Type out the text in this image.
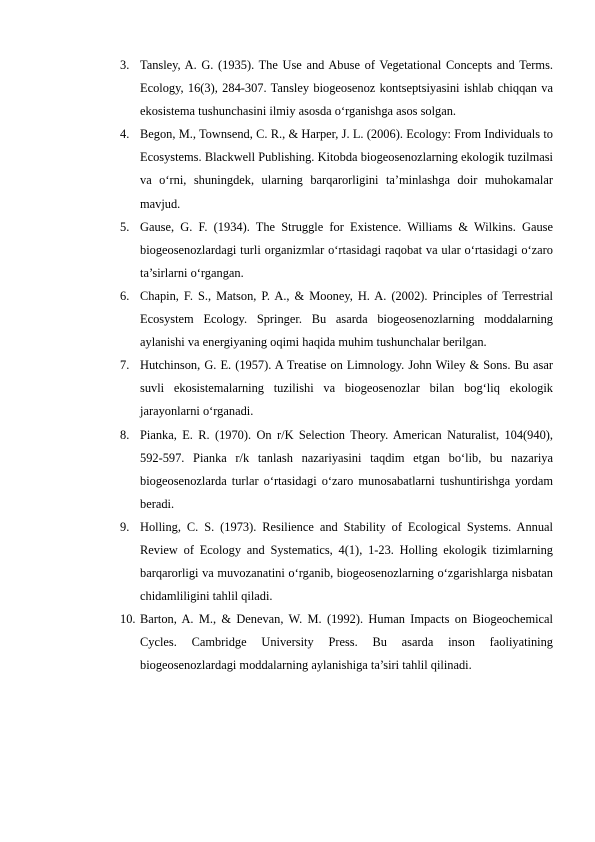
3. Tansley, A. G. (1935). The Use and Abuse of Vegetational Concepts and Terms. Ecology, 16(3), 284-307. Tansley biogeosenoz kontseptsiyasini ishlab chiqqan va ekosistema tushunchasini ilmiy asosda o‘rganishga asos solgan.
4. Begon, M., Townsend, C. R., & Harper, J. L. (2006). Ecology: From Individuals to Ecosystems. Blackwell Publishing. Kitobda biogeosenozlarning ekologik tuzilmasi va o‘rni, shuningdek, ularning barqarorligini ta’minlashga doir muhokamalar mavjud.
5. Gause, G. F. (1934). The Struggle for Existence. Williams & Wilkins. Gause biogeosenozlardagi turli organizmlar o‘rtasidagi raqobat va ular o‘rtasidagi o‘zaro ta’sirlarni o‘rgangan.
6. Chapin, F. S., Matson, P. A., & Mooney, H. A. (2002). Principles of Terrestrial Ecosystem Ecology. Springer. Bu asarda biogeosenozlarning moddalarning aylanishi va energiyaning oqimi haqida muhim tushunchalar berilgan.
7. Hutchinson, G. E. (1957). A Treatise on Limnology. John Wiley & Sons. Bu asar suvli ekosistemalarning tuzilishi va biogeosenozlar bilan bog‘liq ekologik jarayonlarni o‘rganadi.
8. Pianka, E. R. (1970). On r/K Selection Theory. American Naturalist, 104(940), 592-597. Pianka r/k tanlash nazariyasini taqdim etgan bo‘lib, bu nazariya biogeosenozlarda turlar o‘rtasidagi o‘zaro munosabatlarni tushuntirishga yordam beradi.
9. Holling, C. S. (1973). Resilience and Stability of Ecological Systems. Annual Review of Ecology and Systematics, 4(1), 1-23. Holling ekologik tizimlarning barqarorligi va muvozanatini o‘rganib, biogeosenozlarning o‘zgarishlarga nisbatan chidamliligini tahlil qiladi.
10. Barton, A. M., & Denevan, W. M. (1992). Human Impacts on Biogeochemical Cycles. Cambridge University Press. Bu asarda inson faoliyatining biogeosenozlardagi moddalarning aylanishiga ta’siri tahlil qilinadi.
